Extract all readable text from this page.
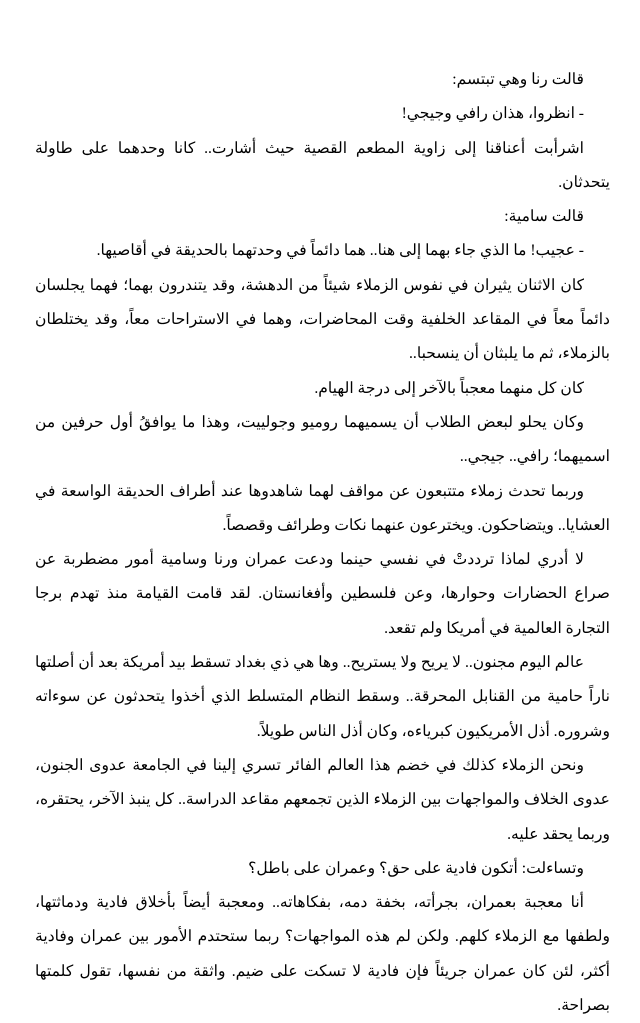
قالت رنا وهي تبتسم:

- انظروا، هذان رافي وجيجي!

اشرأبت أعناقنا إلى زاوية المطعم القصية حيث أشارت.. كانا وحدهما على طاولة يتحدثان.

قالت سامية:

- عجيب! ما الذي جاء بهما إلى هنا.. هما دائماً في وحدتهما بالحديقة في أقاصيها.

كان الاثنان يثيران في نفوس الزملاء شيئاً من الدهشة، وقد يتندرون بهما؛ فهما يجلسان دائماً معاً في المقاعد الخلفية وقت المحاضرات، وهما في الاستراحات معاً، وقد يختلطان بالزملاء، ثم ما يلبثان أن ينسحبا..

كان كل منهما معجباً بالآخر إلى درجة الهيام.

وكان يحلو لبعض الطلاب أن يسميهما روميو وجولييت، وهذا ما يوافقُ أول حرفين من اسميهما؛ رافي.. جيجي..

وربما تحدث زملاء متتبعون عن مواقف لهما شاهدوها عند أطراف الحديقة الواسعة في العشايا.. ويتضاحكون. ويخترعون عنهما نكات وطرائف وقصصاً.

لا أدري لماذا ترددتْ في نفسي حينما ودعت عمران ورنا وسامية أمور مضطربة عن صراع الحضارات وحوارها، وعن فلسطين وأفغانستان. لقد قامت القيامة منذ تهدم برجا التجارة العالمية في أمريكا ولم تقعد.

عالم اليوم مجنون.. لا يريح ولا يستريح.. وها هي ذي بغداد تسقط بيد أمريكة بعد أن أصلتها ناراً حامية من القنابل المحرقة.. وسقط النظام المتسلط الذي أخذوا يتحدثون عن سوءاته وشروره. أذل الأمريكيون كبرياءه، وكان أذل الناس طويلاً.

ونحن الزملاء كذلك في خضم هذا العالم الفائر تسري إلينا في الجامعة عدوى الجنون، عدوى الخلاف والمواجهات بين الزملاء الذين تجمعهم مقاعد الدراسة.. كل ينبذ الآخر، يحتقره، وربما يحقد عليه.

وتساءلت: أتكون فادية على حق؟ وعمران على باطل؟

أنا معجبة بعمران، بجرأته، بخفة دمه، بفكاهاته.. ومعجبة أيضاً بأخلاق فادية ودماثتها، ولطفها مع الزملاء كلهم. ولكن لم هذه المواجهات؟ ربما ستحتدم الأمور بين عمران وفادية أكثر، لئن كان عمران جريئاً فإن فادية لا تسكت على ضيم. واثقة من نفسها، تقول كلمتها بصراحة.
